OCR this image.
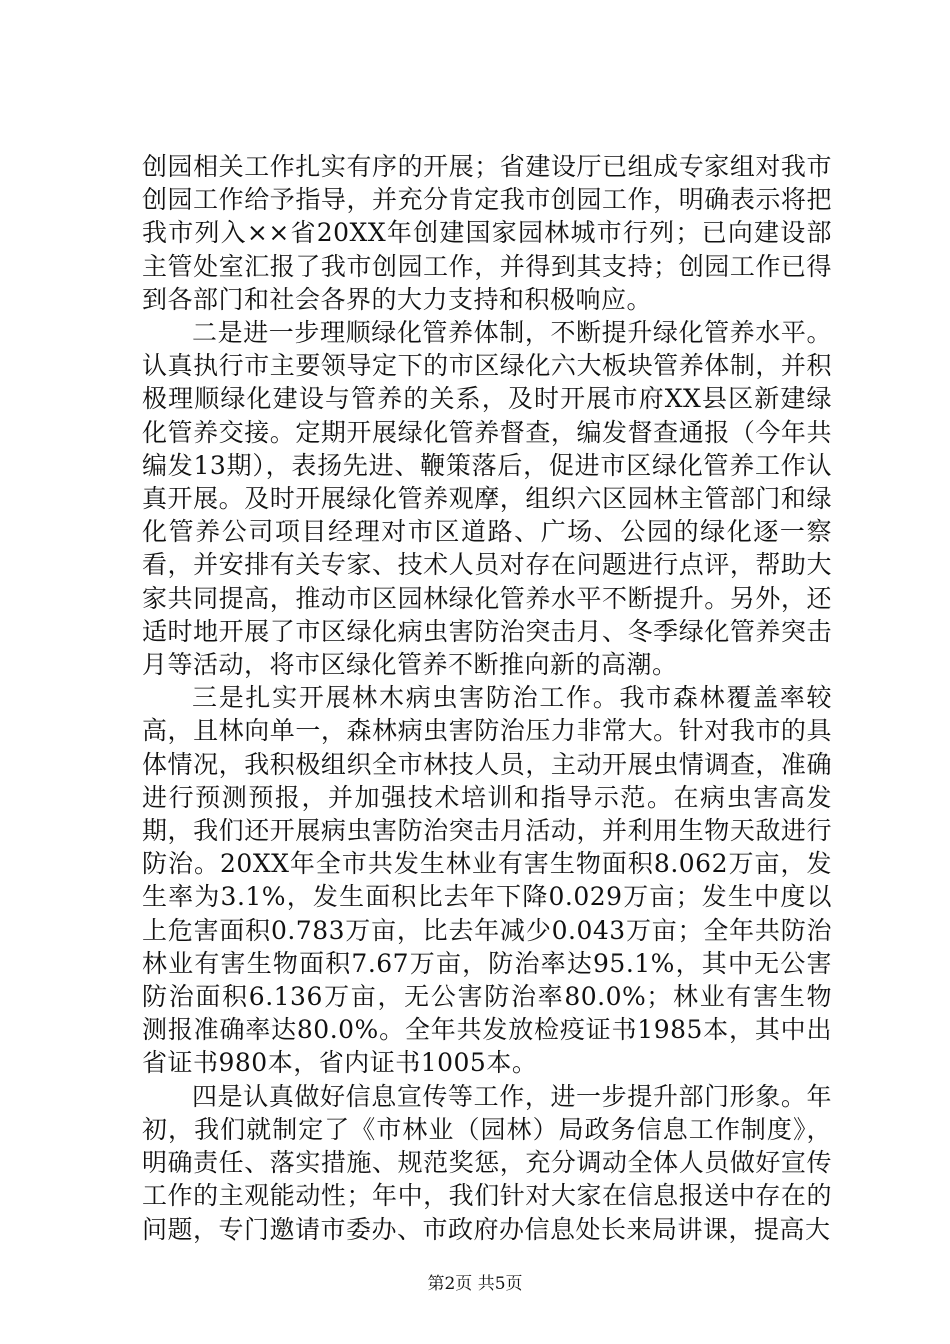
创园相关工作扎实有序的开展；省建设厅已组成专家组对我市创园工作给予指导，并充分肯定我市创园工作，明确表示将把我市列入××省20XX年创建国家园林城市行列；已向建设部主管处室汇报了我市创园工作，并得到其支持；创园工作已得到各部门和社会各界的大力支持和积极响应。

二是进一步理顺绿化管养体制，不断提升绿化管养水平。认真执行市主要领导定下的市区绿化六大板块管养体制，并积极理顺绿化建设与管养的关系，及时开展市府XX县区新建绿化管养交接。定期开展绿化管养督查，编发督查通报（今年共编发13期），表扬先进、鞭策落后，促进市区绿化管养工作认真开展。及时开展绿化管养观摩，组织六区园林主管部门和绿化管养公司项目经理对市区道路、广场、公园的绿化逐一察看，并安排有关专家、技术人员对存在问题进行点评，帮助大家共同提高，推动市区园林绿化管养水平不断提升。另外，还适时地开展了市区绿化病虫害防治突击月、冬季绿化管养突击月等活动，将市区绿化管养不断推向新的高潮。

三是扎实开展林木病虫害防治工作。我市森林覆盖率较高，且林向单一，森林病虫害防治压力非常大。针对我市的具体情况，我积极组织全市林技人员，主动开展虫情调查，准确进行预测预报，并加强技术培训和指导示范。在病虫害高发期，我们还开展病虫害防治突击月活动，并利用生物天敌进行防治。20XX年全市共发生林业有害生物面积8.062万亩，发生率为3.1%，发生面积比去年下降0.029万亩；发生中度以上危害面积0.783万亩，比去年减少0.043万亩；全年共防治林业有害生物面积7.67万亩，防治率达95.1%，其中无公害防治面积6.136万亩，无公害防治率80.0%；林业有害生物测报准确率达80.0%。全年共发放检疫证书1985本，其中出省证书980本，省内证书1005本。

四是认真做好信息宣传等工作，进一步提升部门形象。年初，我们就制定了《市林业（园林）局政务信息工作制度》，明确责任、落实措施、规范奖惩，充分调动全体人员做好宣传工作的主观能动性；年中，我们针对大家在信息报送中存在的问题，专门邀请市委办、市政府办信息处长来局讲课，提高大

第2页 共5页
